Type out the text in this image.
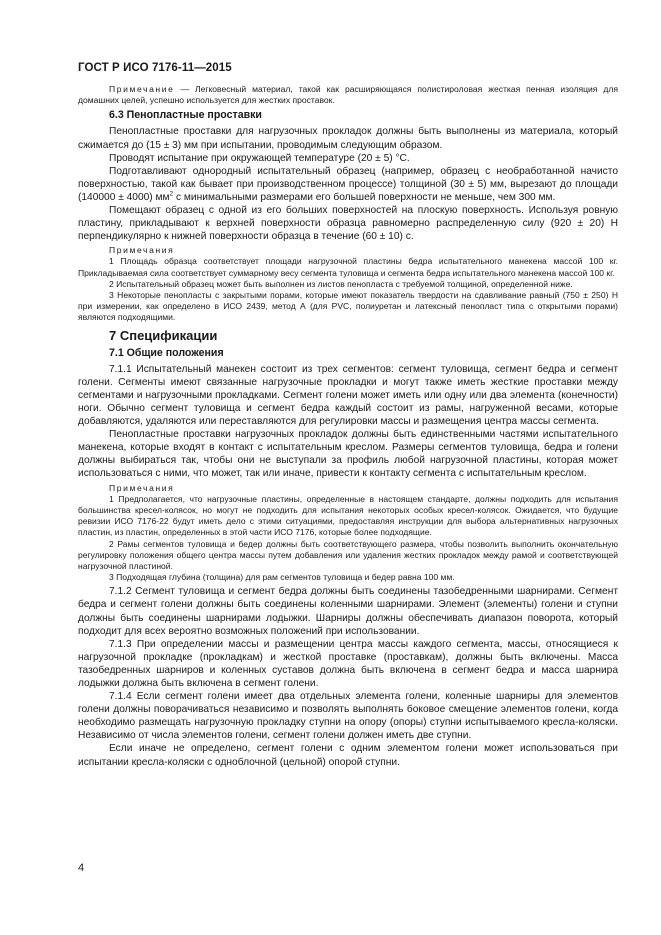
ГОСТ Р ИСО 7176-11—2015

Примечание — Легковесный материал, такой как расширяющаяся полистироловая жесткая пенная изоляция для домашних целей, успешно используется для жестких проставок.

6.3 Пенопластные проставки

Пенопластные проставки для нагрузочных прокладок должны быть выполнены из материала, который сжимается до (15 ± 3) мм при испытании, проводимым следующим образом.

Проводят испытание при окружающей температуре (20 ± 5) °С.

Подготавливают однородный испытательный образец (например, образец с необработанной начисто поверхностью, такой как бывает при производственном процессе) толщиной (30 ± 5) мм, вырезают до площади (140000 ± 4000) $мм^2$ с минимальными размерами его большей поверхности не меньше, чем 300 мм.

Помещают образец с одной из его больших поверхностей на плоскую поверхность. Используя ровную пластину, прикладывают к верхней поверхности образца равномерно распределенную силу (920 ± 20) Н перпендикулярно к нижней поверхности образца в течение (60 ± 10) с.

Примечания

1 Площадь образца соответствует площади нагрузочной пластины бедра испытательного манекена массой 100 кг. Прикладываемая сила соответствует суммарному весу сегмента туловища и сегмента бедра испытательного манекена массой 100 кг.

2 Испытательный образец может быть выполнен из листов пенопласта с требуемой толщиной, определенной ниже.

3 Некоторые пенопласты с закрытыми порами, которые имеют показатель твердости на сдавливание равный (750 ± 250) Н при измерении, как определено в ИСО 2439, метод А (для PVC, полиуретан и латексный пенопласт типа с открытыми порами) являются подходящими.

7 Спецификации
7.1 Общие положения

7.1.1 Испытательный манекен состоит из трех сегментов: сегмент туловища, сегмент бедра и сегмент голени. Сегменты имеют связанные нагрузочные прокладки и могут также иметь жесткие проставки между сегментами и нагрузочными прокладками. Сегмент голени может иметь или одну или два элемента (конечности) ноги. Обычно сегмент туловища и сегмент бедра каждый состоит из рамы, нагруженной весами, которые добавляются, удаляются или переставляются для регулировки массы и размещения центра массы сегмента.

Пенопластные проставки нагрузочных прокладок должны быть единственными частями испытательного манекена, которые входят в контакт с испытательным креслом. Размеры сегментов туловища, бедра и голени должны выбираться так, чтобы они не выступали за профиль любой нагрузочной пластины, которая может использоваться с ними, что может, так или иначе, привести к контакту сегмента с испытательным креслом.

Примечания

1 Предполагается, что нагрузочные пластины, определенные в настоящем стандарте, должны подходить для испытания большинства кресел-колясок, но могут не подходить для испытания некоторых особых кресел-колясок. Ожидается, что будущие ревизии ИСО 7176-22 будут иметь дело с этими ситуациями, предоставляя инструкции для выбора альтернативных нагрузочных пластин, из пластин, определенных в этой части ИСО 7176, которые более подходящие.

2 Рамы сегментов туловища и бедер должны быть соответствующего размера, чтобы позволить выполнить окончательную регулировку положения общего центра массы путем добавления или удаления жестких прокладок между рамой и соответствующей нагрузочной пластиной.

3 Подходящая глубина (толщина) для рам сегментов туловища и бедер равна 100 мм.

7.1.2 Сегмент туловища и сегмент бедра должны быть соединены тазобедренными шарнирами. Сегмент бедра и сегмент голени должны быть соединены коленными шарнирами. Элемент (элементы) голени и ступни должны быть соединены шарнирами лодыжки. Шарниры должны обеспечивать диапазон поворота, который подходит для всех вероятно возможных положений при использовании.

7.1.3 При определении массы и размещении центра массы каждого сегмента, массы, относящиеся к нагрузочной прокладке (прокладкам) и жесткой проставке (проставкам), должны быть включены. Масса тазобедренных шарниров и коленных суставов должна быть включена в сегмент бедра и масса шарнира лодыжки должна быть включена в сегмент голени.

7.1.4 Если сегмент голени имеет два отдельных элемента голени, коленные шарниры для элементов голени должны поворачиваться независимо и позволять выполнять боковое смещение элементов голени, когда необходимо размещать нагрузочную прокладку ступни на опору (опоры) ступни испытываемого кресла-коляски. Независимо от числа элементов голени, сегмент голени должен иметь две ступни.

Если иначе не определено, сегмент голени с одним элементом голени может использоваться при испытании кресла-коляски с одноблочной (цельной) опорой ступни.

4
